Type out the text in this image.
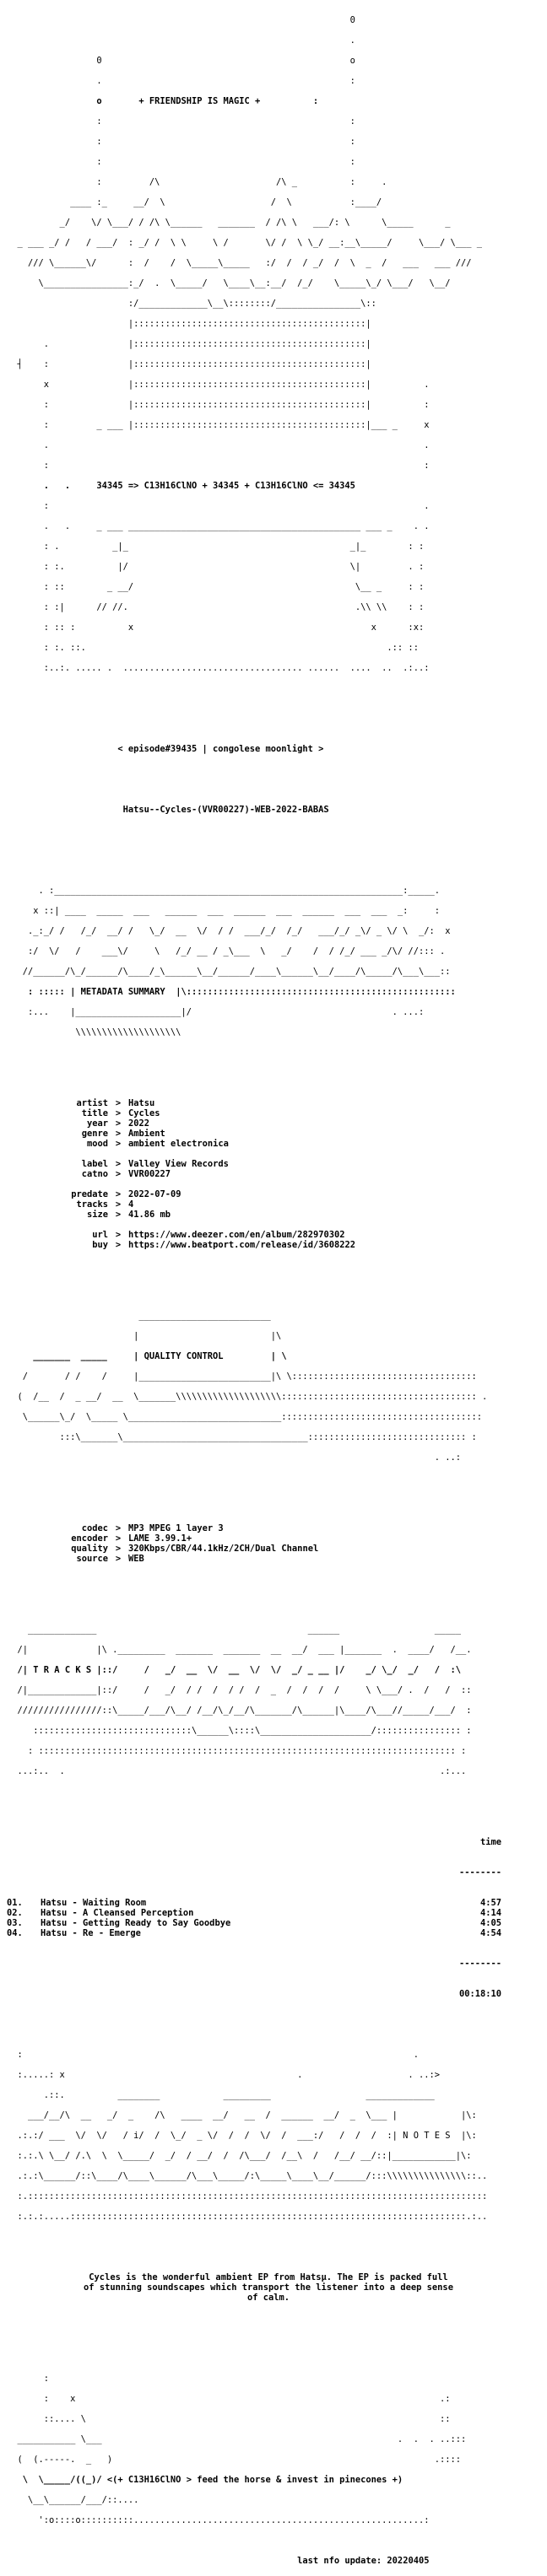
0

.

0                                               o

.                                               :

o       + FRIENDSHIP IS MAGIC +          :

:                                               :

:                                               :

:                                               :

:         /\                      /\ _          :     .

____ :_     __/  \                    /  \           :____/

_/    \/ \___/ / /\ \______   _______  / /\ \   ___/: \      \_____      _

_ ___ _/ /   / ___/  : _/ /  \ \     \ /       \/ /  \ \_/ __:__\_____/     \___/ \___ _

/// \______\/      :  /    /  \_____\_____   :/  /  / _/  /  \  _  /   ___   ___ ///

\________________:_/  .  \_____/   \____\__:__/  /_/    \_____\_/ \___/   \__/

:/_____________\__\::::::::/________________\::

|::::::::::::::::::::::::::::::::::::::::::::|

.               |::::::::::::::::::::::::::::::::::::::::::::|

┤    :               |::::::::::::::::::::::::::::::::::::::::::::|

x               |::::::::::::::::::::::::::::::::::::::::::::|          .

:               |::::::::::::::::::::::::::::::::::::::::::::|          :

:         _ ___ |::::::::::::::::::::::::::::::::::::::::::::|___ _     x

.                                                                       .

:                                                                       :

.   .     34345 => C13H16ClNO + 34345 + C13H16ClNO <= 34345

:                                                                       .

.   .     _ ___ ____________________________________________ ___ _    . .

: .          _|_                                          _|_        : :

: :.          |/                                          \|         . :

: ::        _ __/                                          \__ _     : :

: :|      // //.                                           .\\ \\    : :

: :: :          x                                             x      :x:

: :. ::.                                                         .:: ::

:..:. ..... .  .................................. ......  ....  ..  .:..:

< episode#39435 | congolese moonlight >

Hatsu--Cycles-(VVR00227)-WEB-2022-BABAS

. :__________________________________________________________________:_____.

x ::| ____  _____  ___   ______  ___  ______  ___  ______  ___  ___  _:     :

._:_/ /   /_/  __/ /   \_/  __  \/  / /  ___/_/  /_/   ___/_/ _\/ _ \/ \  _/:  x

:/  \/   /    ___\/     \   /_/ __ / _\___  \   _/    /  / /_/ ___ _/\/ //::: .

//______/\_/______/\____/_\______\__/______/____\______\__/____/\_____/\___\___::

: ::::: | METADATA SUMMARY  |\:::::::::::::::::::::::::::::::::::::::::::::::::::

:...    |____________________|/                                      . ...:

\\\\\\\\\\\\\\\\\\\\

artist > Hatsu
title > Cycles
year > 2022
genre > Ambient
mood > ambient electronica
label > Valley View Records
catno > VVR00227
predate > 2022-07-09
tracks > 4
size > 41.86 mb
url > https://www.deezer.com/en/album/282970302
buy > https://www.beatport.com/release/id/3608222

_________________________

|                         |\

_______  _____     | QUALITY CONTROL         | \

/       / /    /     |_________________________|\ \:::::::::::::::::::::::::::::::::::

(  /__  /  _ __/  __  \_______\\\\\\\\\\\\\\\\\\\\::::::::::::::::::::::::::::::::::::: .

\______\_/  \_____ \_____________________________::::::::::::::::::::::::::::::::::::::

:::\_______\___________________________________:::::::::::::::::::::::::::::: :

. ..:

codec > MP3 MPEG 1 layer 3
encoder > LAME 3.99.1+
quality > 320Kbps/CBR/44.1kHz/2CH/Dual Channel
source > WEB

_____________                                        ______                  _____

/|             |\ ._________  _______  _______  __  __/  ___ |_______  .  ____/   /__.

/| T R A C K S |::/     /   _/  __  \/  __  \/  \/  _/ _ __ |/    _/ \_/  _/   /  :\

/|_____________|::/     /   _/  / /  /  / /  /  _  /  /  /  /     \ \___/ .  /   /  ::

////////////////::\_____/___/\__/ /__/\_/__/\_______/\______|\____/\___//_____/___/  :

::::::::::::::::::::::::::::::\______\::::\_____________________/:::::::::::::::: :

: ::::::::::::::::::::::::::::::::::::::::::::::::::::::::::::::::::::::::::::::: :

...:..  .                                                                       .:...

time

--------

01. Hatsu - Waiting Room	4:57
02. Hatsu - A Cleansed Perception	4:14
03. Hatsu - Getting Ready to Say Goodbye	4:05
04. Hatsu - Re - Emerge	4:54

--------

00:18:10

:                                                                          .

:.....: x                                            .                    . ..:>

.::.          ________            _________                  _____________

___/__/\  __   _/  _    /\   ____  __/   __  /  ______  __/  _  \___ |            |\:

.:.:/ ___  \/  \/   / i/  /  \_/  _ \/  /  /  \/  /  ___:/   /  /  /  :| N O T E S  |\:

:.:.\ \__/ /.\  \  \_____/  _/  / __/  /  /\___/  /__\  /   /__/ __/::|____________|\:

.:.:\______/::\____/\____\______/\___\_____/:\_____\____\__/______/:::\\\\\\\\\\\\\\\::..

:.:::::::::::::::::::::::::::::::::::::::::::::::::::::::::::::::::::::::::::::::::::::::

:.:.:.....:::::::::::::::::::::::::::::::::::::::::::::::::::::::::::::::::::::::::::.:..

Cycles is the wonderful ambient EP from Hatsµ. The EP is packed full
of stunning soundscapes which transport the listener into a deep sense
of calm.

:

:    x                                                                     .:

::.... \                                                                   ::

___________ \___                                                        .  .  . ..:::

(  (.-----.  _   )                                                             .::::

\  \_____/((_)/ <(+ C13H16ClNO > feed the horse & invest in pinecones +)

\__\______/___/::....

':o::::o::::::::::.......................................................:

last nfo update: 20220405
